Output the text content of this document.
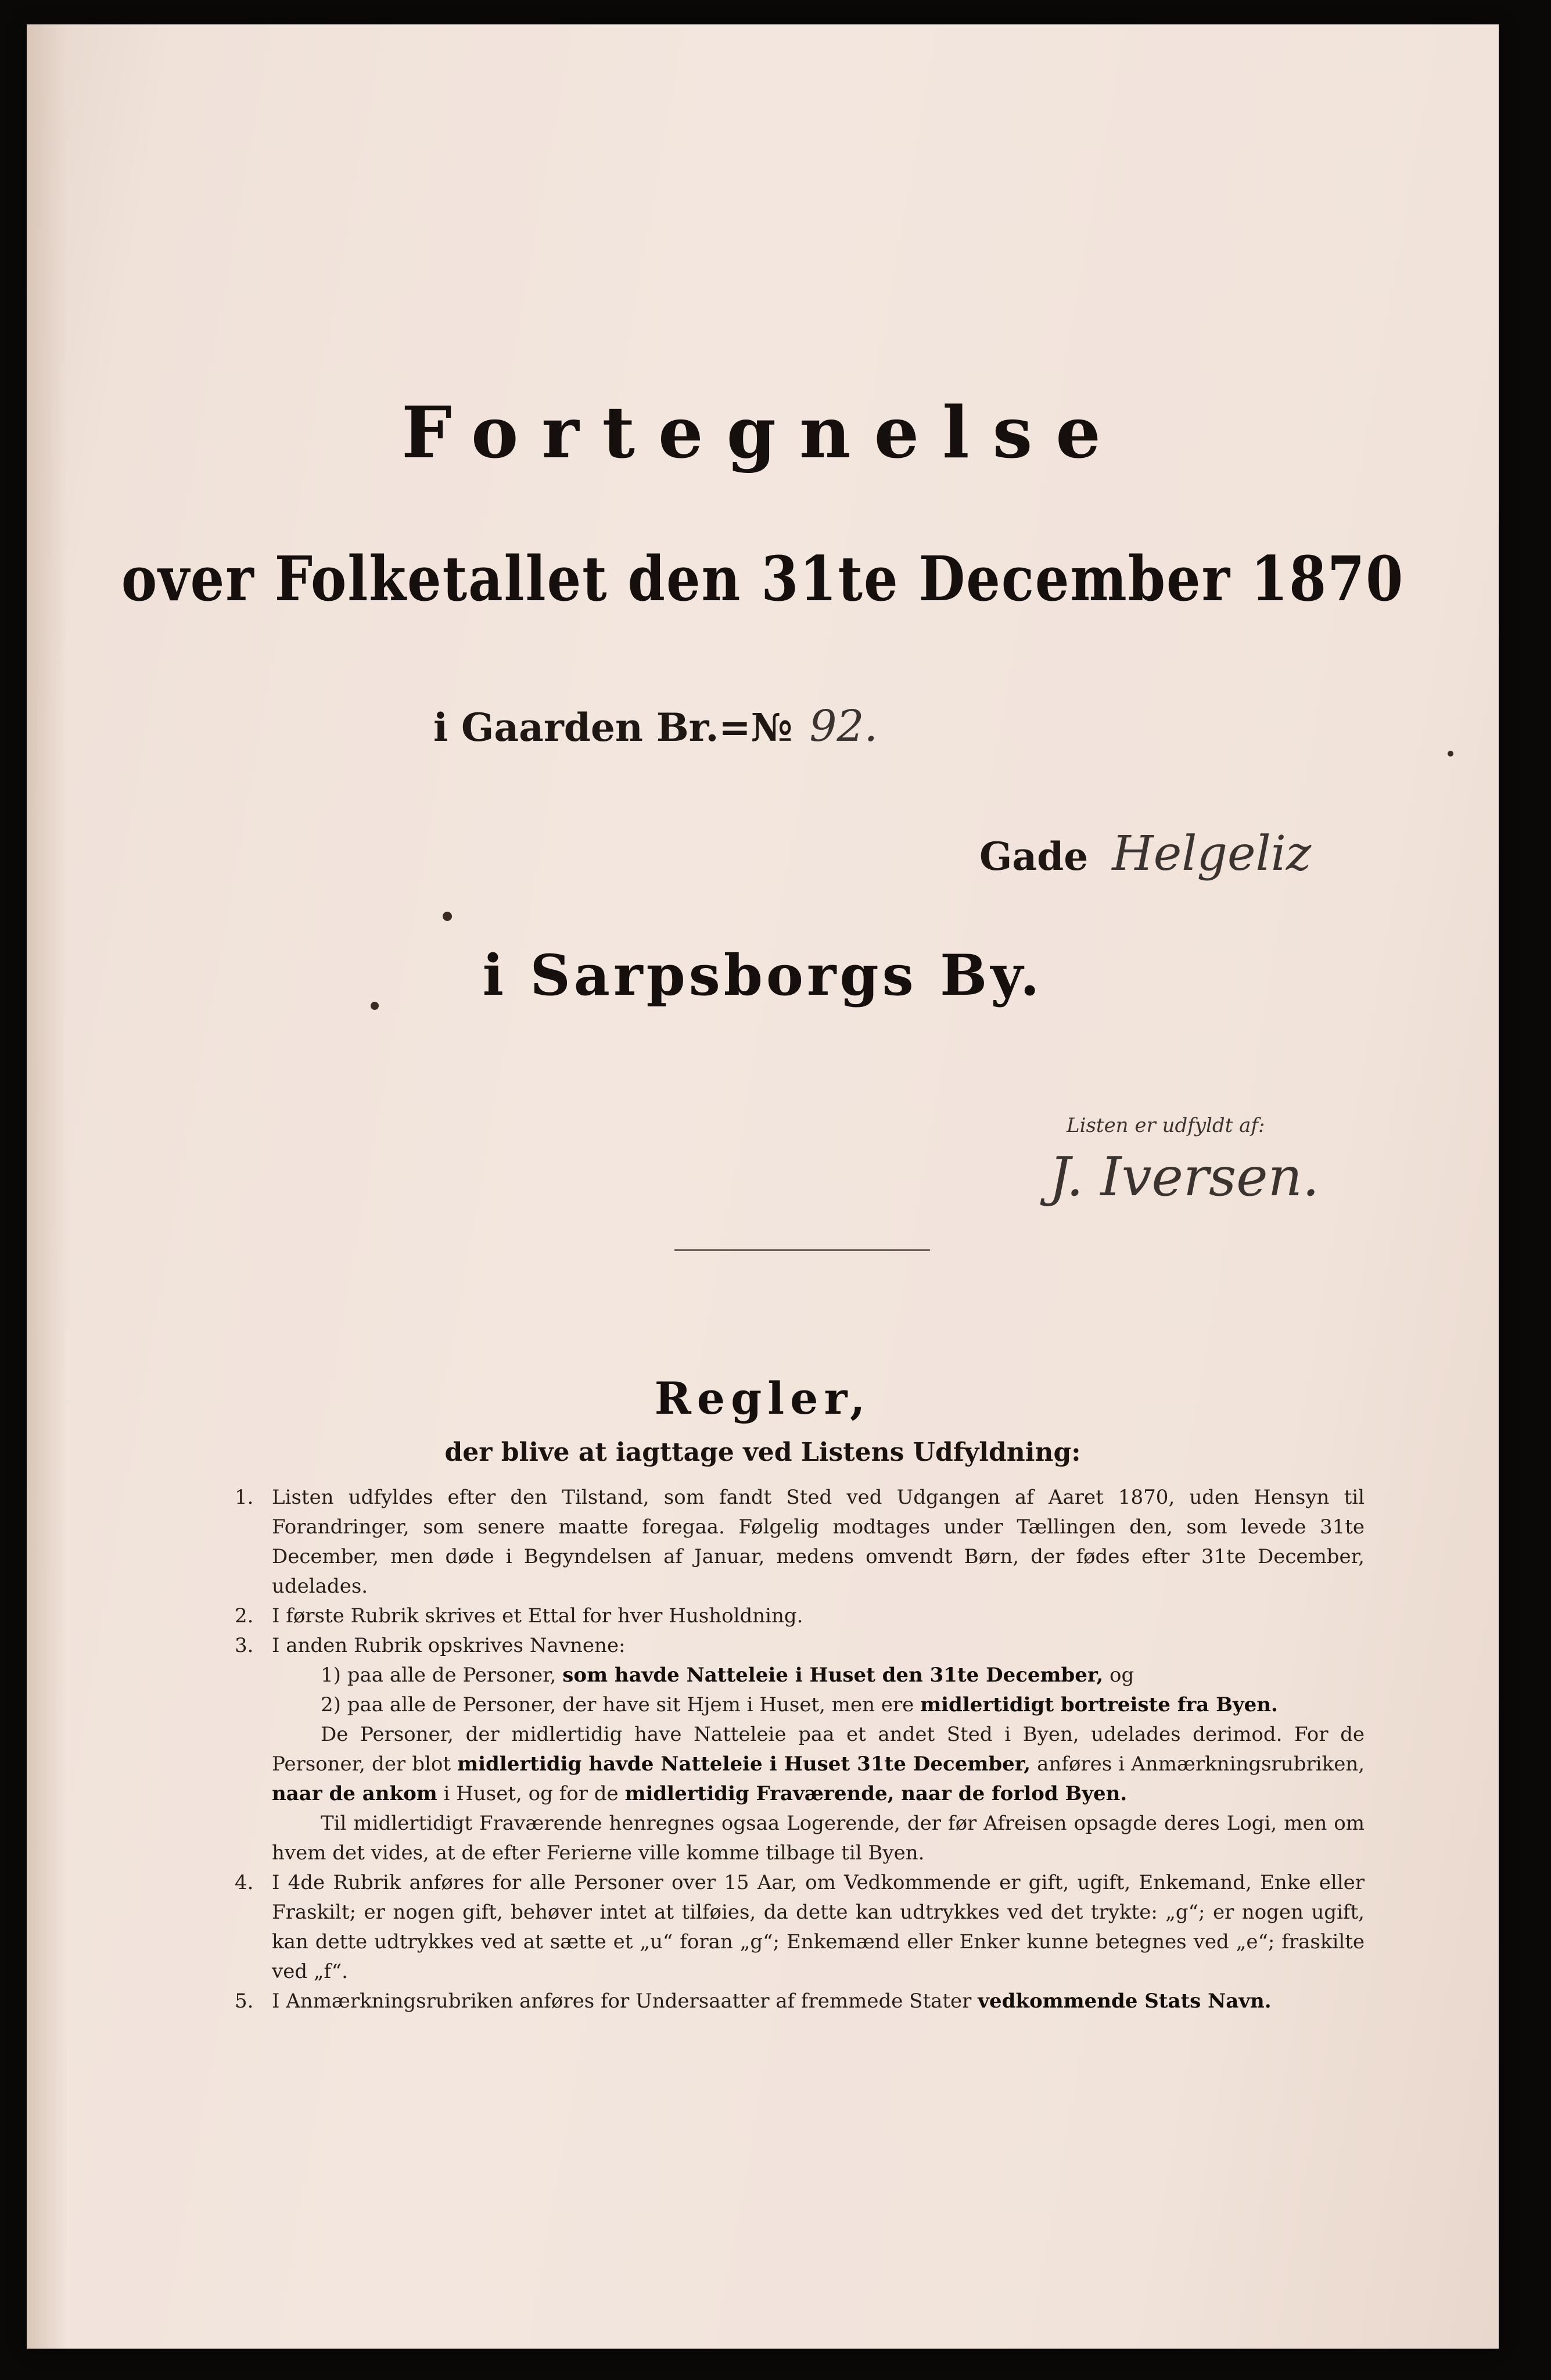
Fortegnelse
over Folketallet den 31te December 1870
i Gaarden Br.=№ 92.
Gade Helgeliz
i Sarpsborgs By.
Listen er udfyldt af:
J. Iversen.
Regler,
der blive at iagttage ved Listens Udfyldning:
1. Listen udfyldes efter den Tilstand, som fandt Sted ved Udgangen af Aaret 1870, uden Hensyn til Forandringer, som senere maatte foregaa. Følgelig modtages under Tællingen den, som levede 31te December, men døde i Begyndelsen af Januar, medens omvendt Børn, der fødes efter 31te December, udelades.
2. I første Rubrik skrives et Ettal for hver Husholdning.
3. I anden Rubrik opskrives Navnene:
1) paa alle de Personer, som havde Natteleie i Huset den 31te December, og
2) paa alle de Personer, der have sit Hjem i Huset, men ere midlertidigt bortreiste fra Byen.

De Personer, der midlertidig have Natteleie paa et andet Sted i Byen, udelades derimod. For de Personer, der blot midlertidig havde Natteleie i Huset 31te December, anføres i Anmærkningsrubriken, naar de ankom i Huset, og for de midlertidig Fraværende, naar de forlod Byen.

Til midlertidigt Fraværende henregnes ogsaa Logerende, der før Afreisen opsagde deres Logi, men om hvem det vides, at de efter Ferierne ville komme tilbage til Byen.

4. I 4de Rubrik anføres for alle Personer over 15 Aar, om Vedkommende er gift, ugift, Enkemand, Enke eller Fraskilt; er nogen gift, behøver intet at tilføies, da dette kan udtrykkes ved det trykte: „g“; er nogen ugift, kan dette udtrykkes ved at sætte et „u“ foran „g“; Enkemænd eller Enker kunne betegnes ved „e“; fraskilte ved „f“.
5. I Anmærkningsrubriken anføres for Undersaatter af fremmede Stater vedkommende Stats Navn.
